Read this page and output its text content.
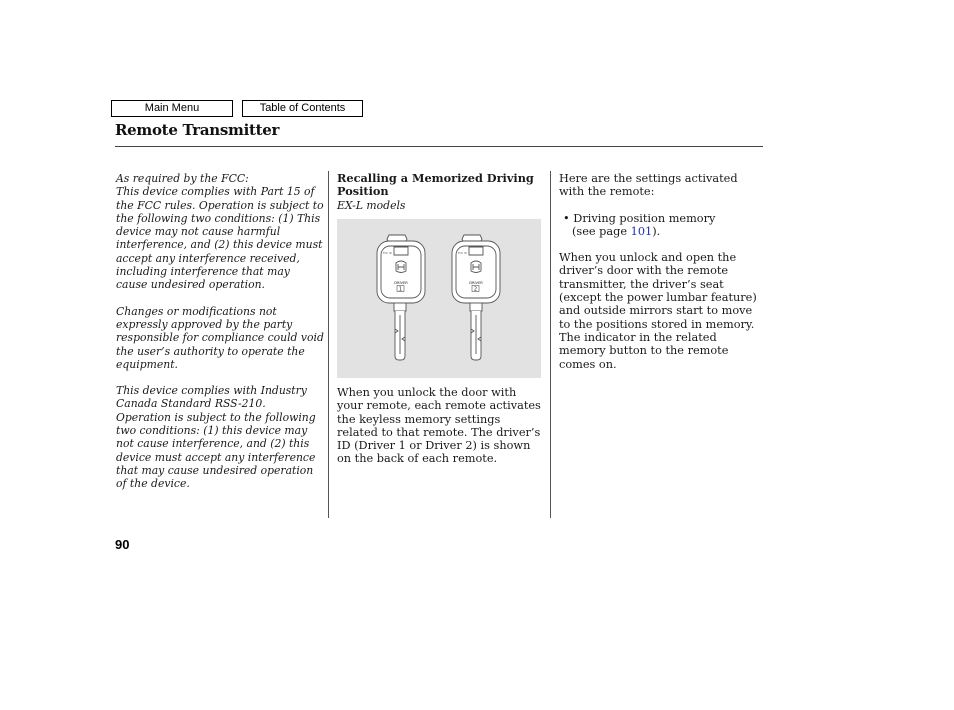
Main Menu	Table of Contents
Remote Transmitter

As required by the FCC:

This device complies with Part 15 of the FCC rules. Operation is subject to the following two conditions: (1) This device may not cause harmful interference, and (2) this device must accept any interference received, including interference that may cause undesired operation.

Changes or modifications not expressly approved by the party responsible for compliance could void the user’s authority to operate the equipment.

This device complies with Industry Canada Standard RSS-210.

Operation is subject to the following two conditions: (1) this device may not cause interference, and (2) this device must accept any interference that may cause undesired operation of the device.

Recalling a Memorized Driving Position

EX-L models

DRIVER
1
FCC ID
DRIVER
2
FCC ID

When you unlock the door with your remote, each remote activates the keyless memory settings related to that remote. The driver’s ID (Driver 1 or Driver 2) is shown on the back of each remote.

Here are the settings activated with the remote:

• Driving position memory

(see page 101).

When you unlock and open the driver’s door with the remote transmitter, the driver’s seat (except the power lumbar feature) and outside mirrors start to move to the positions stored in memory. The indicator in the related memory button to the remote comes on.

90
